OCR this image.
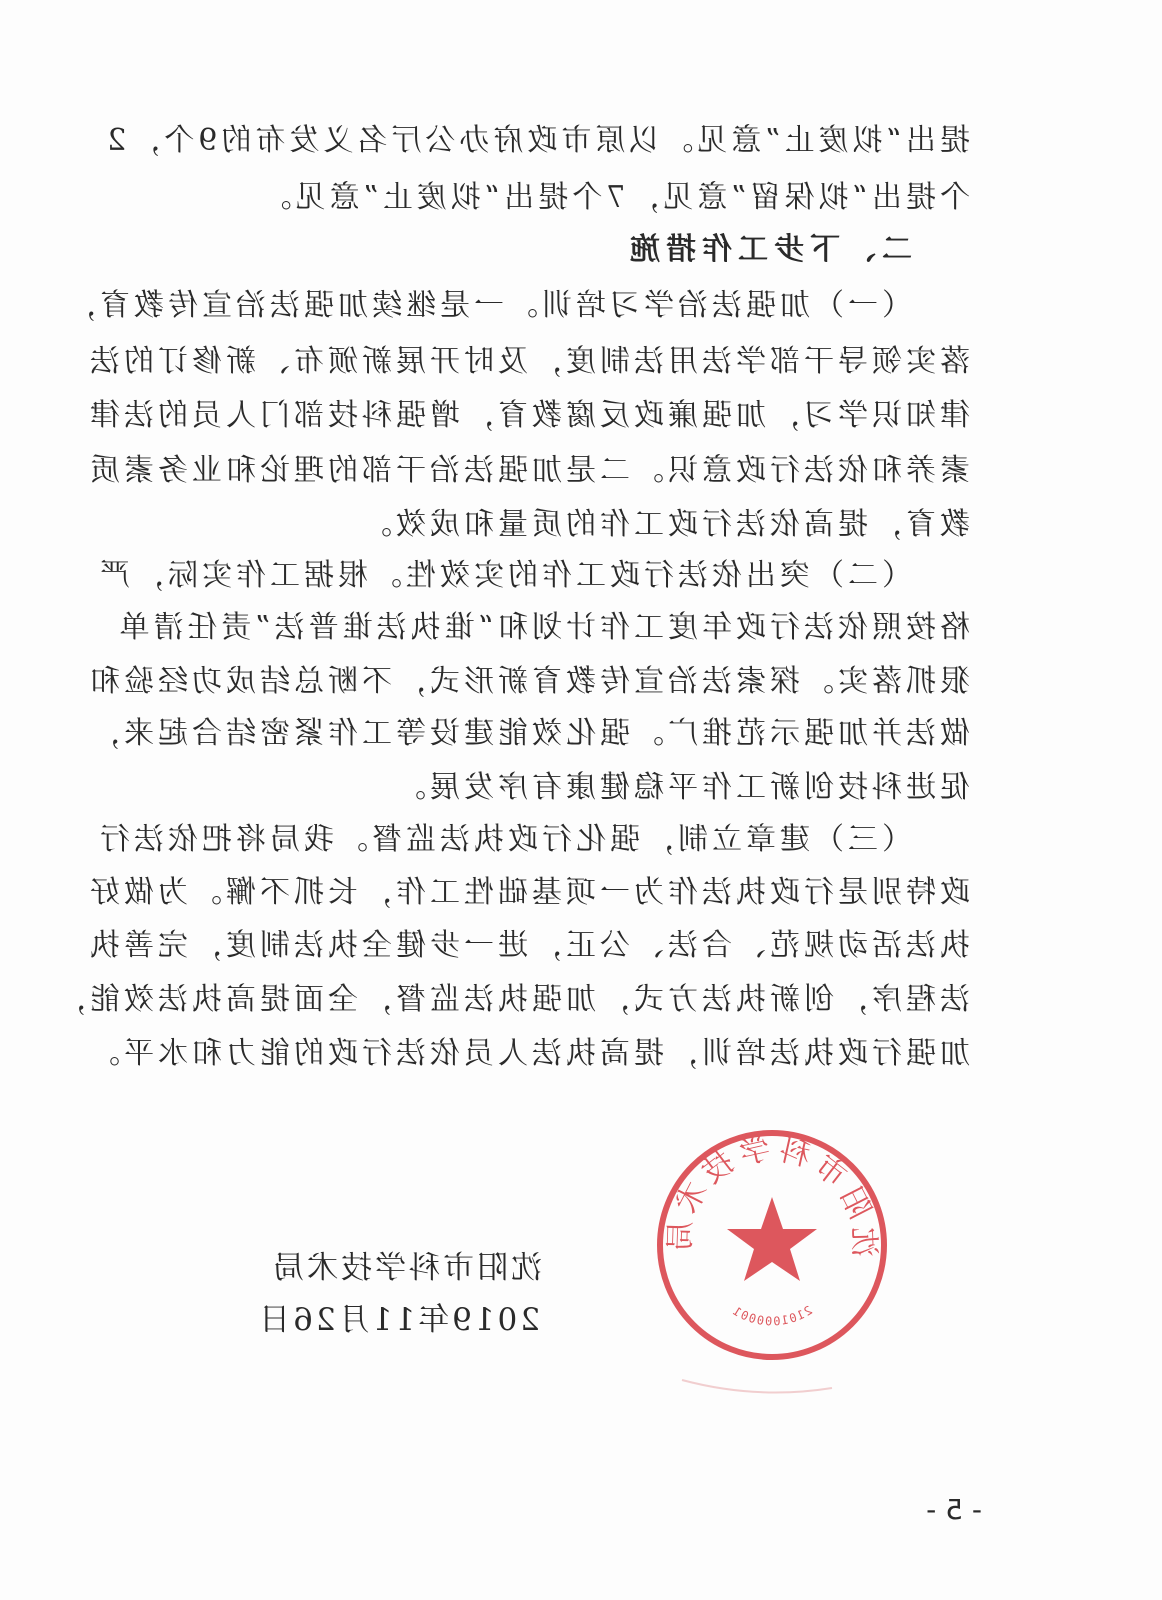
提出“拟废止”意见。以原市政府办公厅名义发布的9个，2
个提出“拟保留”意见，7个提出“拟废止”意见。
二、下步工作措施
（一）加强法治学习培训。一是继续加强法治宣传教育，
落实领导干部学法用法制度，及时开展新颁布、新修订的法
律知识学习，加强廉政反腐教育，增强科技部门人员的法律
素养和依法行政意识。二是加强法治干部的理论和业务素质
教育，提高依法行政工作的质量和成效。
（二）突出依法行政工作的实效性。根据工作实际，严
格按照依法行政年度工作计划和“谁执法谁普法”责任清单
狠抓落实。探索法治宣传教育新形式，不断总结成功经验和
做法并加强示范推广。强化效能建设等工作紧密结合起来，
促进科技创新工作平稳健康有序发展。
（三）建章立制，强化行政执法监督。我局将把依法行
政特别是行政执法作为一项基础性工作，长抓不懈。为做好
执法活动规范、合法、公正，进一步健全执法制度，完善执
法程序，创新执法方式，加强执法监督，全面提高执法效能，
加强行政执法培训，提高执法人员依法行政的能力和水平。
沈阳市科学技术局
2101000001
沈阳市科学技术局
2019年11月26日
- 5 -
